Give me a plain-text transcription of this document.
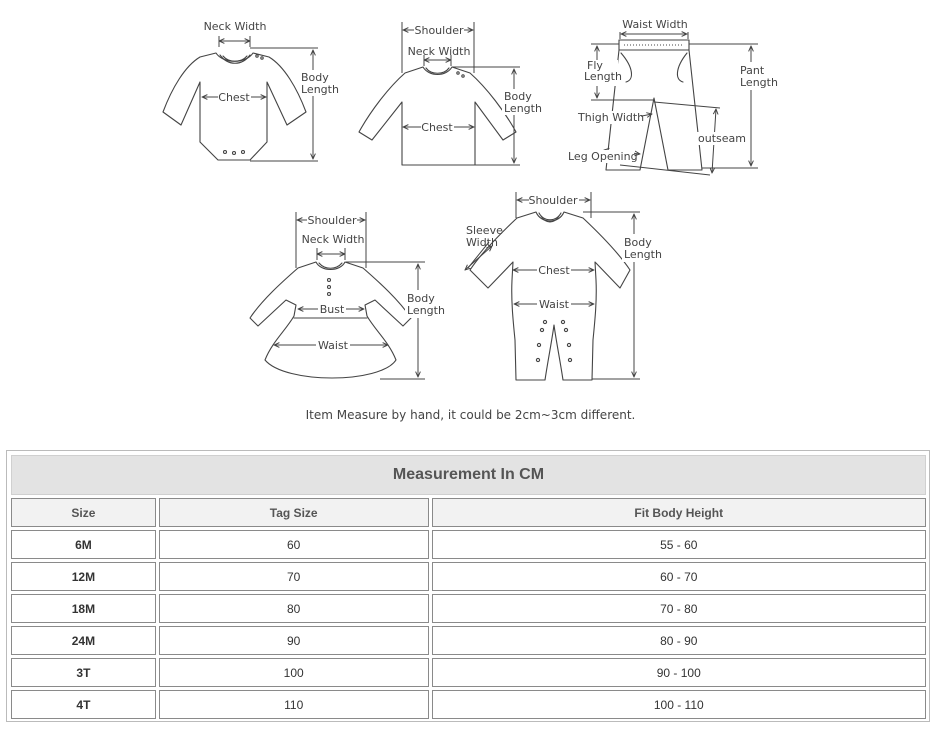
Neck Width
Chest
Body
Length
Shoulder
Neck Width
Chest
Body
Length
Waist Width
Fly
Length
Thigh Width
Leg Opening
outseam
Pant
Length
Shoulder
Neck Width
Bust
Waist
Body
Length
Shoulder
Sleeve
Width
Chest
Waist
Body
Length
Item Measure by hand, it could be 2cm~3cm different.
Measurement In CM		
Size	Tag Size	Fit Body Height
6M	60	55 - 60
12M	70	60 - 70
18M	80	70 - 80
24M	90	80 - 90
3T	100	90 - 100
4T	110	100 - 110
